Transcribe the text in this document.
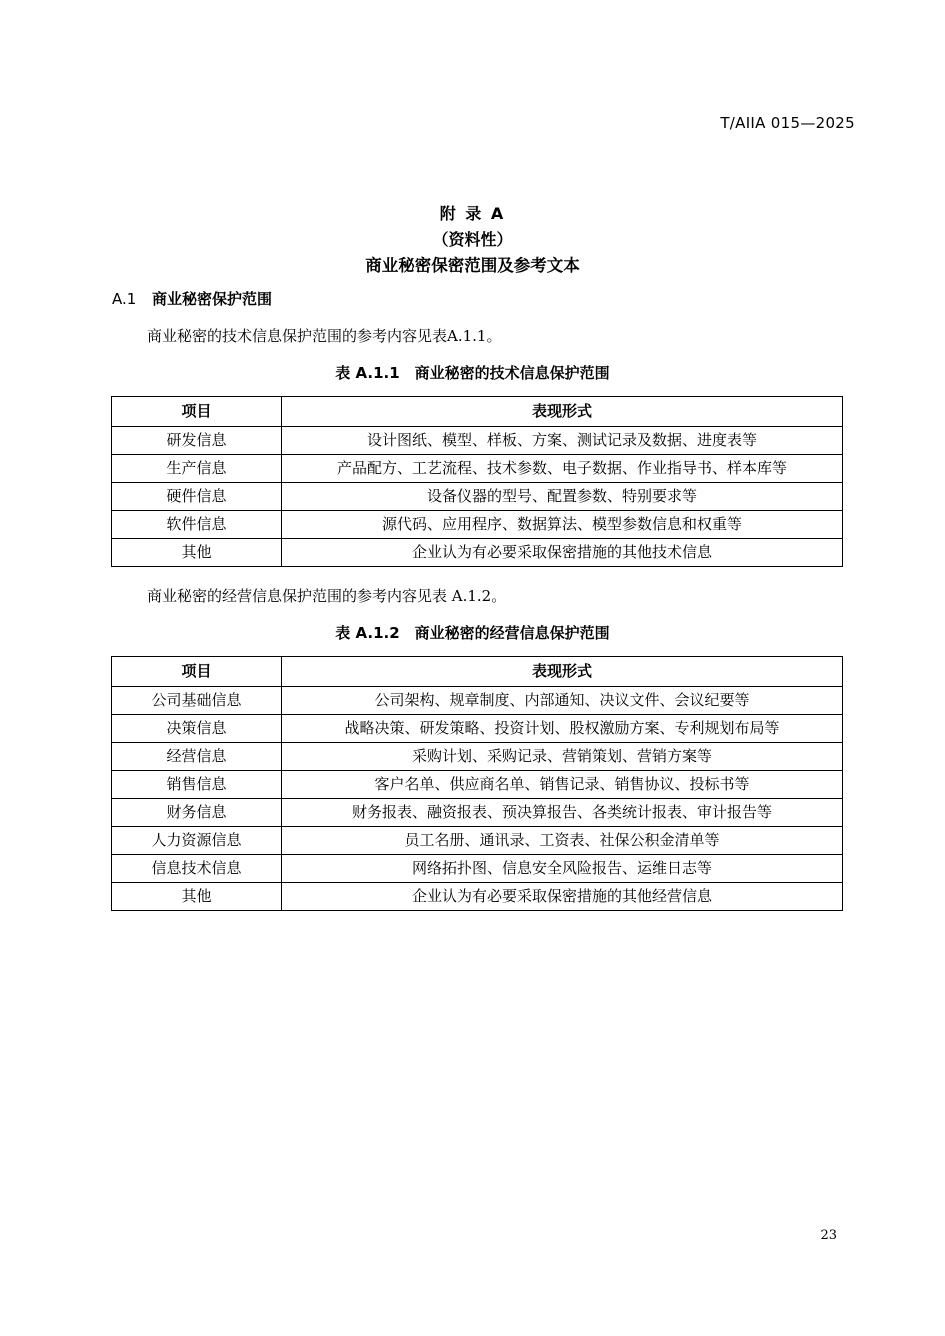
T/AIIA 015—2025
附 录 A
（资料性）
商业秘密保密范围及参考文本
A.1 商业秘密保护范围
商业秘密的技术信息保护范围的参考内容见表A.1.1。
表 A.1.1　商业秘密的技术信息保护范围
项目	表现形式
研发信息	设计图纸、模型、样板、方案、测试记录及数据、进度表等
生产信息	产品配方、工艺流程、技术参数、电子数据、作业指导书、样本库等
硬件信息	设备仪器的型号、配置参数、特别要求等
软件信息	源代码、应用程序、数据算法、模型参数信息和权重等
其他	企业认为有必要采取保密措施的其他技术信息
商业秘密的经营信息保护范围的参考内容见表 A.1.2。
表 A.1.2　商业秘密的经营信息保护范围
项目	表现形式
公司基础信息	公司架构、规章制度、内部通知、决议文件、会议纪要等
决策信息	战略决策、研发策略、投资计划、股权激励方案、专利规划布局等
经营信息	采购计划、采购记录、营销策划、营销方案等
销售信息	客户名单、供应商名单、销售记录、销售协议、投标书等
财务信息	财务报表、融资报表、预决算报告、各类统计报表、审计报告等
人力资源信息	员工名册、通讯录、工资表、社保公积金清单等
信息技术信息	网络拓扑图、信息安全风险报告、运维日志等
其他	企业认为有必要采取保密措施的其他经营信息
23
